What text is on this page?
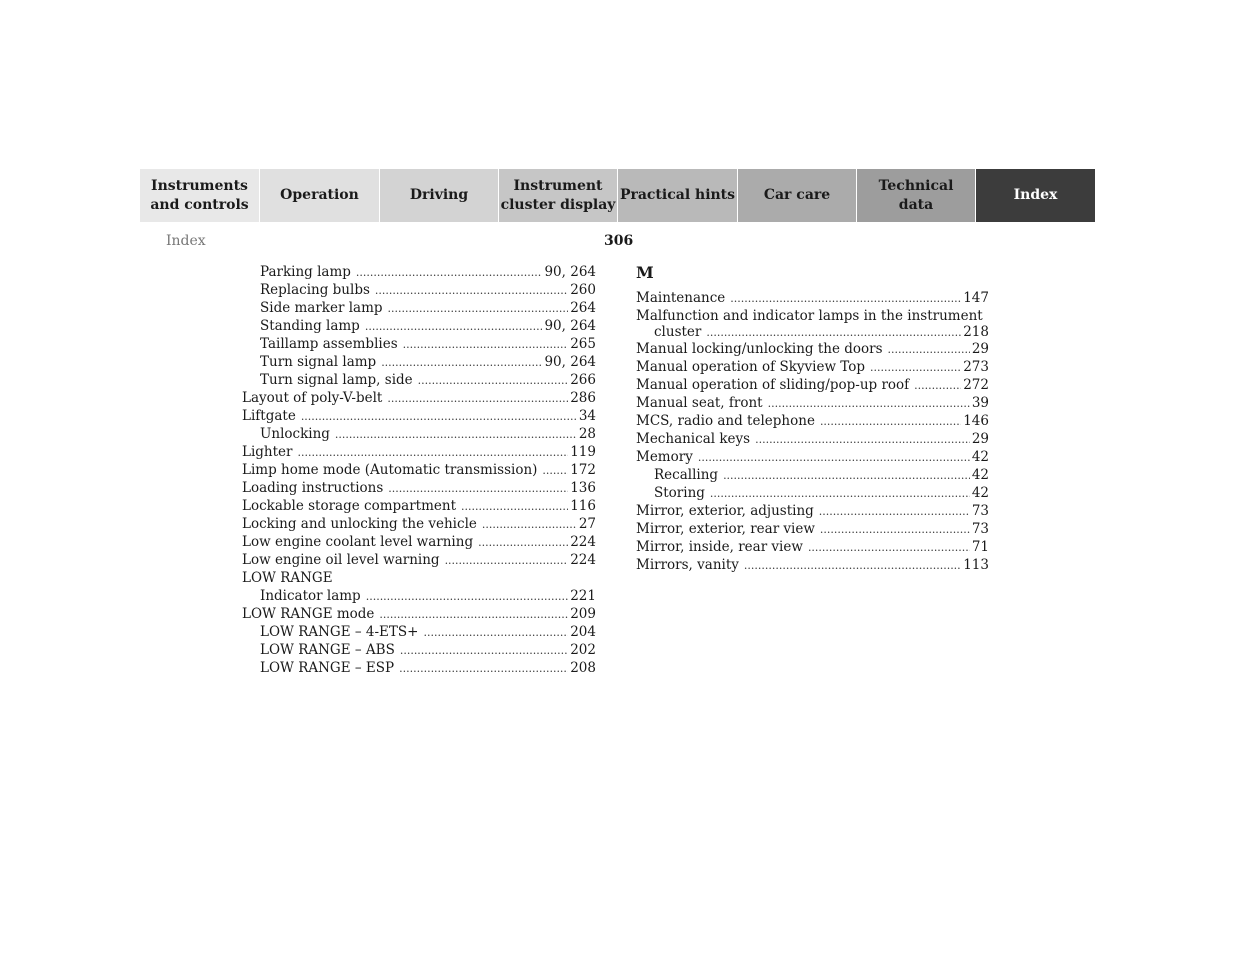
Instruments
and controls
Operation	Driving
Instrument
cluster display
Practical hints	Car care
Technical
data
Index
Index	306
Parking lamp .....	90, 264
Replacing bulbs .....	260
Side marker lamp .....	264
Standing lamp .....	90, 264
Taillamp assemblies .....	265
Turn signal lamp .....	90, 264
Turn signal lamp, side .....	266
Layout of poly-V-belt .....	286
Liftgate .....	34
Unlocking .....	28
Lighter .....	119
Limp home mode (Automatic transmission) ..... 172
Loading instructions .....	136
Lockable storage compartment .....	116
Locking and unlocking the vehicle .....	27
Low engine coolant level warning .....	224
Low engine oil level warning .....	224
LOW RANGE
Indicator lamp .....	221
LOW RANGE mode .....	209
LOW RANGE – 4-ETS+ .....	204
LOW RANGE – ABS .....	202
LOW RANGE – ESP .....	208
M
Maintenance .....	147
Malfunction and indicator lamps in the instrument
cluster .....	218
Manual locking/unlocking the doors .....	29
Manual operation of Skyview Top .....	273
Manual operation of sliding/pop-up roof .....	272
Manual seat, front .....	39
MCS, radio and telephone .....	146
Mechanical keys .....	29
Memory .....	42
Recalling .....	42
Storing .....	42
Mirror, exterior, adjusting .....	73
Mirror, exterior, rear view .....	73
Mirror, inside, rear view .....	71
Mirrors, vanity .....	113
